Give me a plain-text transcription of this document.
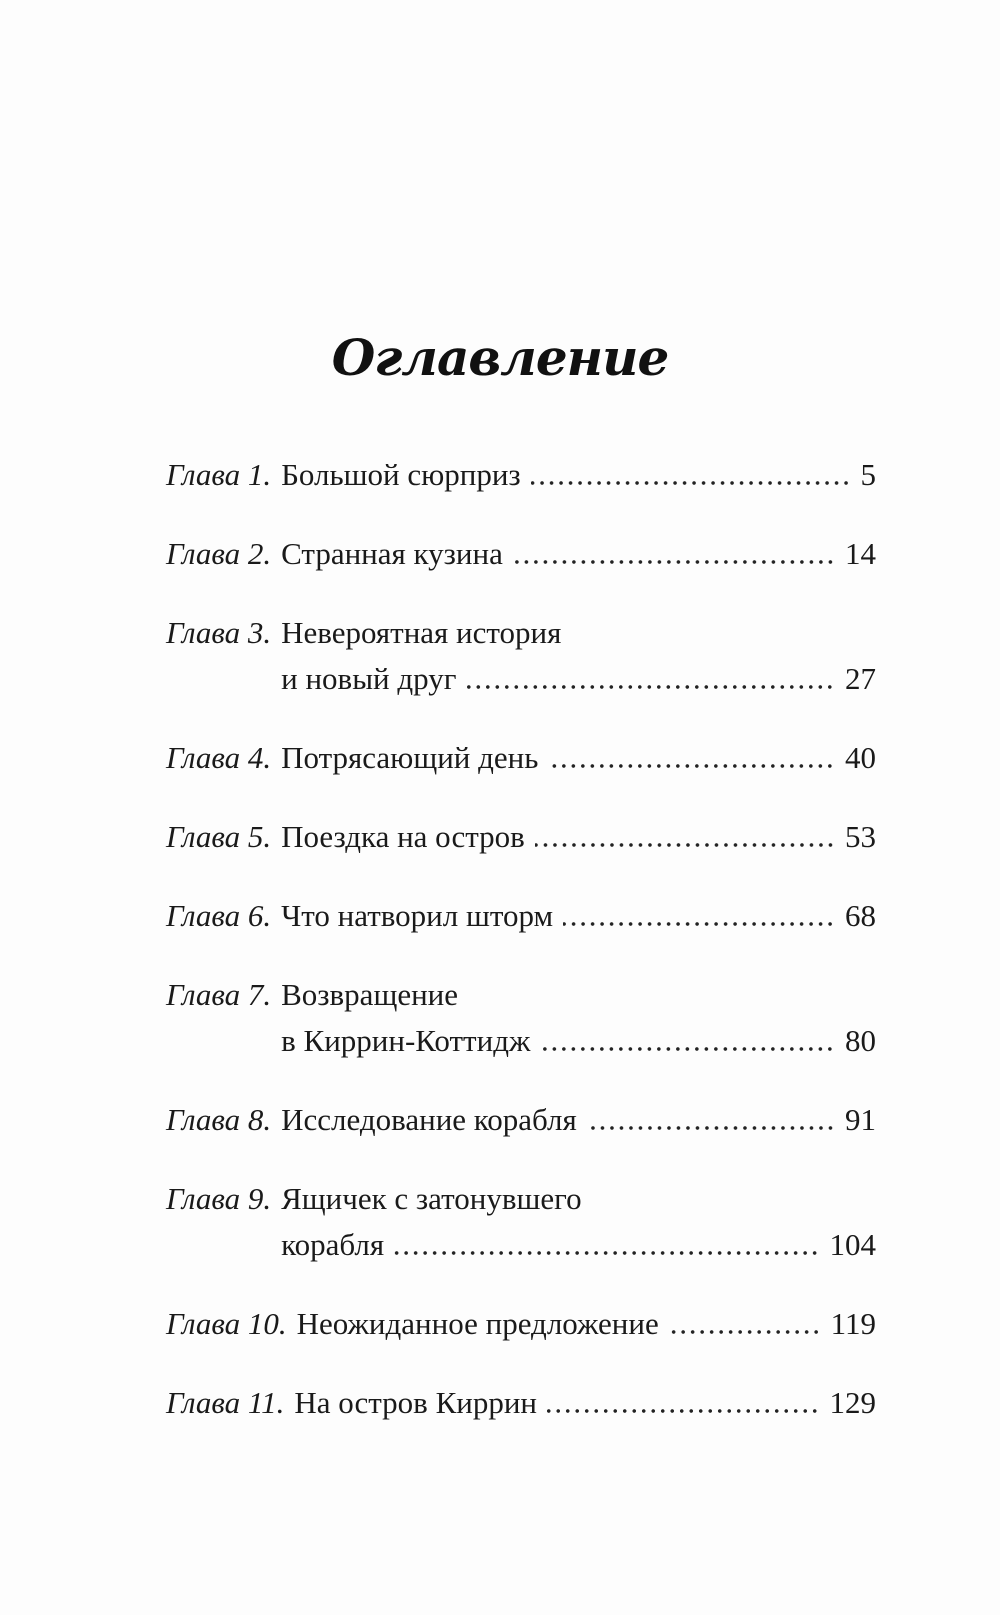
Оглавление
Глава 1. Большой сюрприз	5
Глава 2. Странная кузина	14
Глава 3. Невероятная история
и новый друг	27
Глава 4. Потрясающий день	40
Глава 5. Поездка на остров	53
Глава 6. Что натворил шторм	68
Глава 7. Возвращение
в Киррин-Коттидж	80
Глава 8. Исследование корабля	91
Глава 9. Ящичек с затонувшего
корабля	104
Глава 10. Неожиданное предложение	119
Глава 11. На остров Киррин	129
